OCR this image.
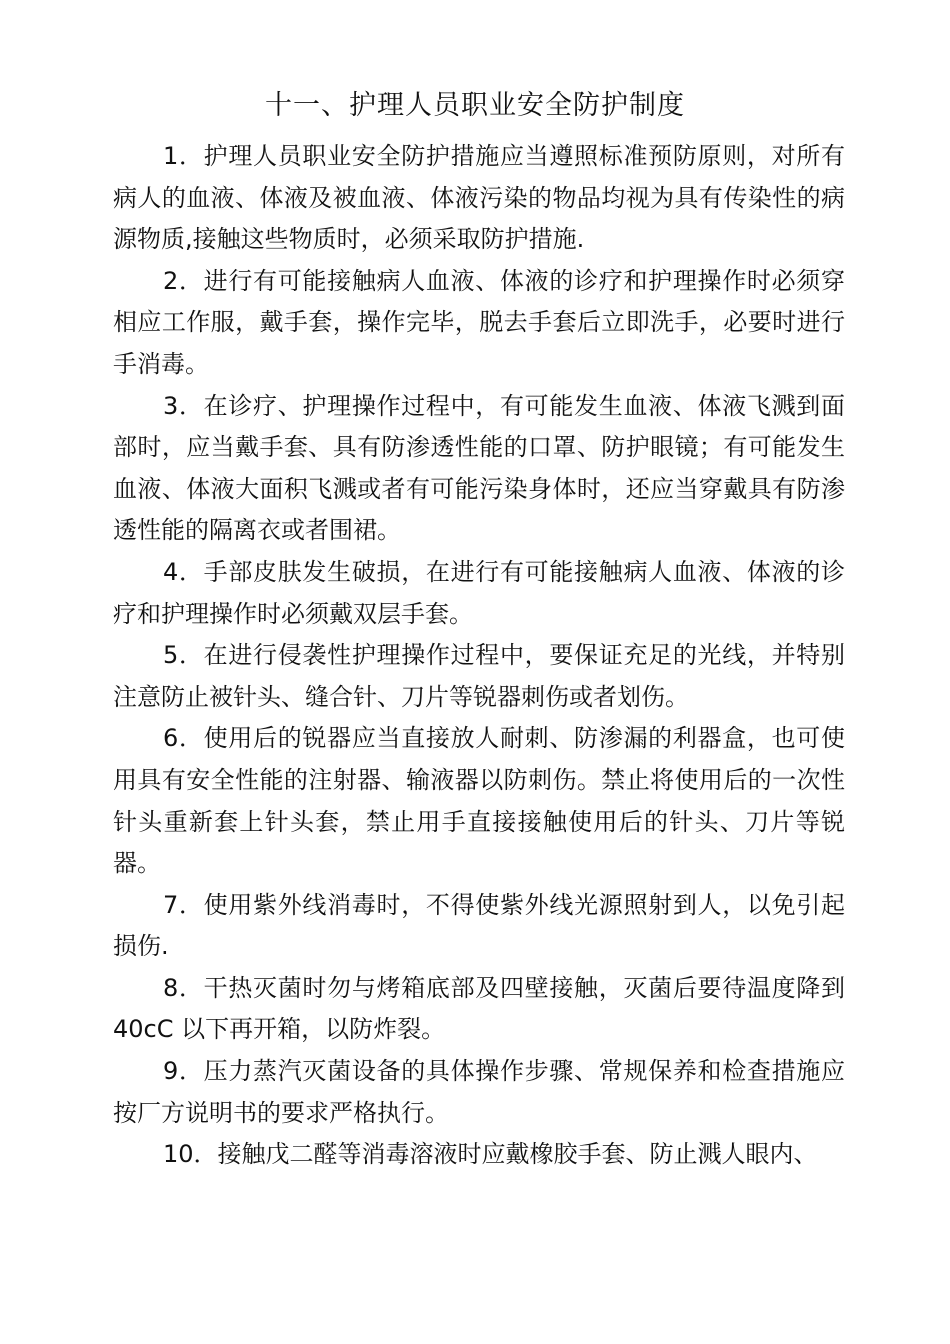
十一、护理人员职业安全防护制度

1．护理人员职业安全防护措施应当遵照标准预防原则，对所有病人的血液、体液及被血液、体液污染的物品均视为具有传染性的病源物质,接触这些物质时，必须采取防护措施.

2．进行有可能接触病人血液、体液的诊疗和护理操作时必须穿相应工作服，戴手套，操作完毕，脱去手套后立即洗手，必要时进行手消毒。

3．在诊疗、护理操作过程中，有可能发生血液、体液飞溅到面部时，应当戴手套、具有防渗透性能的口罩、防护眼镜；有可能发生血液、体液大面积飞溅或者有可能污染身体时，还应当穿戴具有防渗透性能的隔离衣或者围裙。

4．手部皮肤发生破损，在进行有可能接触病人血液、体液的诊疗和护理操作时必须戴双层手套。

5．在进行侵袭性护理操作过程中，要保证充足的光线，并特别注意防止被针头、缝合针、刀片等锐器刺伤或者划伤。

6．使用后的锐器应当直接放人耐刺、防渗漏的利器盒，也可使用具有安全性能的注射器、输液器以防刺伤。禁止将使用后的一次性针头重新套上针头套，禁止用手直接接触使用后的针头、刀片等锐器。

7．使用紫外线消毒时，不得使紫外线光源照射到人，以免引起损伤.

8．干热灭菌时勿与烤箱底部及四壁接触，灭菌后要待温度降到 40cC 以下再开箱，以防炸裂。

9．压力蒸汽灭菌设备的具体操作步骤、常规保养和检查措施应按厂方说明书的要求严格执行。

10．接触戊二醛等消毒溶液时应戴橡胶手套、防止溅人眼内、
